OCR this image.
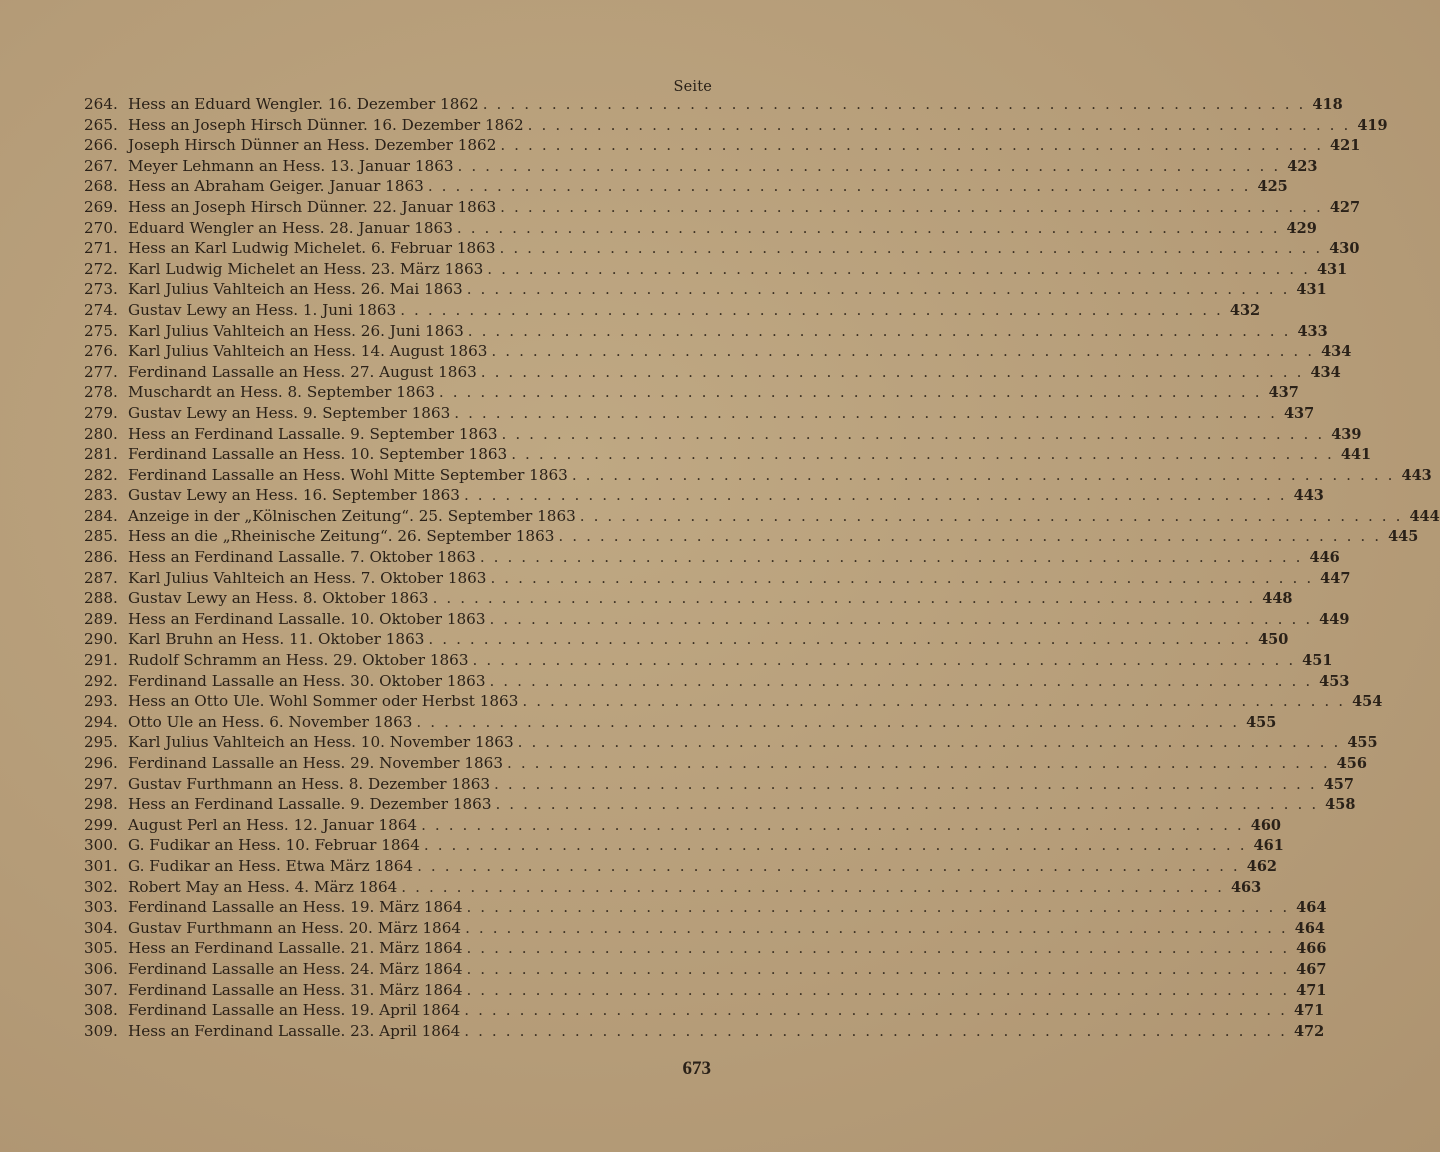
Seite
264. Hess an Eduard Wengler. 16. Dezember 1862 ............................................................ 418
265. Hess an Joseph Hirsch Dünner. 16. Dezember 1862 ............................................................ 419
266. Joseph Hirsch Dünner an Hess. Dezember 1862 ............................................................ 421
267. Meyer Lehmann an Hess. 13. Januar 1863 ............................................................ 423
268. Hess an Abraham Geiger. Januar 1863 ............................................................ 425
269. Hess an Joseph Hirsch Dünner. 22. Januar 1863 ............................................................ 427
270. Eduard Wengler an Hess. 28. Januar 1863 ............................................................ 429
271. Hess an Karl Ludwig Michelet. 6. Februar 1863 ............................................................ 430
272. Karl Ludwig Michelet an Hess. 23. März 1863 ............................................................ 431
273. Karl Julius Vahlteich an Hess. 26. Mai 1863 ............................................................ 431
274. Gustav Lewy an Hess. 1. Juni 1863 ............................................................ 432
275. Karl Julius Vahlteich an Hess. 26. Juni 1863 ............................................................ 433
276. Karl Julius Vahlteich an Hess. 14. August 1863 ............................................................ 434
277. Ferdinand Lassalle an Hess. 27. August 1863 ............................................................ 434
278. Muschardt an Hess. 8. September 1863 ............................................................ 437
279. Gustav Lewy an Hess. 9. September 1863 ............................................................ 437
280. Hess an Ferdinand Lassalle. 9. September 1863 ............................................................ 439
281. Ferdinand Lassalle an Hess. 10. September 1863 ............................................................ 441
282. Ferdinand Lassalle an Hess. Wohl Mitte September 1863 ............................................................ 443
283. Gustav Lewy an Hess. 16. September 1863 ............................................................ 443
284. Anzeige in der „Kölnischen Zeitung“. 25. September 1863 ............................................................ 444
285. Hess an die „Rheinische Zeitung“. 26. September 1863 ............................................................ 445
286. Hess an Ferdinand Lassalle. 7. Oktober 1863 ............................................................ 446
287. Karl Julius Vahlteich an Hess. 7. Oktober 1863 ............................................................ 447
288. Gustav Lewy an Hess. 8. Oktober 1863 ............................................................ 448
289. Hess an Ferdinand Lassalle. 10. Oktober 1863 ............................................................ 449
290. Karl Bruhn an Hess. 11. Oktober 1863 ............................................................ 450
291. Rudolf Schramm an Hess. 29. Oktober 1863 ............................................................ 451
292. Ferdinand Lassalle an Hess. 30. Oktober 1863 ............................................................ 453
293. Hess an Otto Ule. Wohl Sommer oder Herbst 1863 ............................................................ 454
294. Otto Ule an Hess. 6. November 1863 ............................................................ 455
295. Karl Julius Vahlteich an Hess. 10. November 1863 ............................................................ 455
296. Ferdinand Lassalle an Hess. 29. November 1863 ............................................................ 456
297. Gustav Furthmann an Hess. 8. Dezember 1863 ............................................................ 457
298. Hess an Ferdinand Lassalle. 9. Dezember 1863 ............................................................ 458
299. August Perl an Hess. 12. Januar 1864 ............................................................ 460
300. G. Fudikar an Hess. 10. Februar 1864 ............................................................ 461
301. G. Fudikar an Hess. Etwa März 1864 ............................................................ 462
302. Robert May an Hess. 4. März 1864 ............................................................ 463
303. Ferdinand Lassalle an Hess. 19. März 1864 ............................................................ 464
304. Gustav Furthmann an Hess. 20. März 1864 ............................................................ 464
305. Hess an Ferdinand Lassalle. 21. März 1864 ............................................................ 466
306. Ferdinand Lassalle an Hess. 24. März 1864 ............................................................ 467
307. Ferdinand Lassalle an Hess. 31. März 1864 ............................................................ 471
308. Ferdinand Lassalle an Hess. 19. April 1864 ............................................................ 471
309. Hess an Ferdinand Lassalle. 23. April 1864 ............................................................ 472
673
